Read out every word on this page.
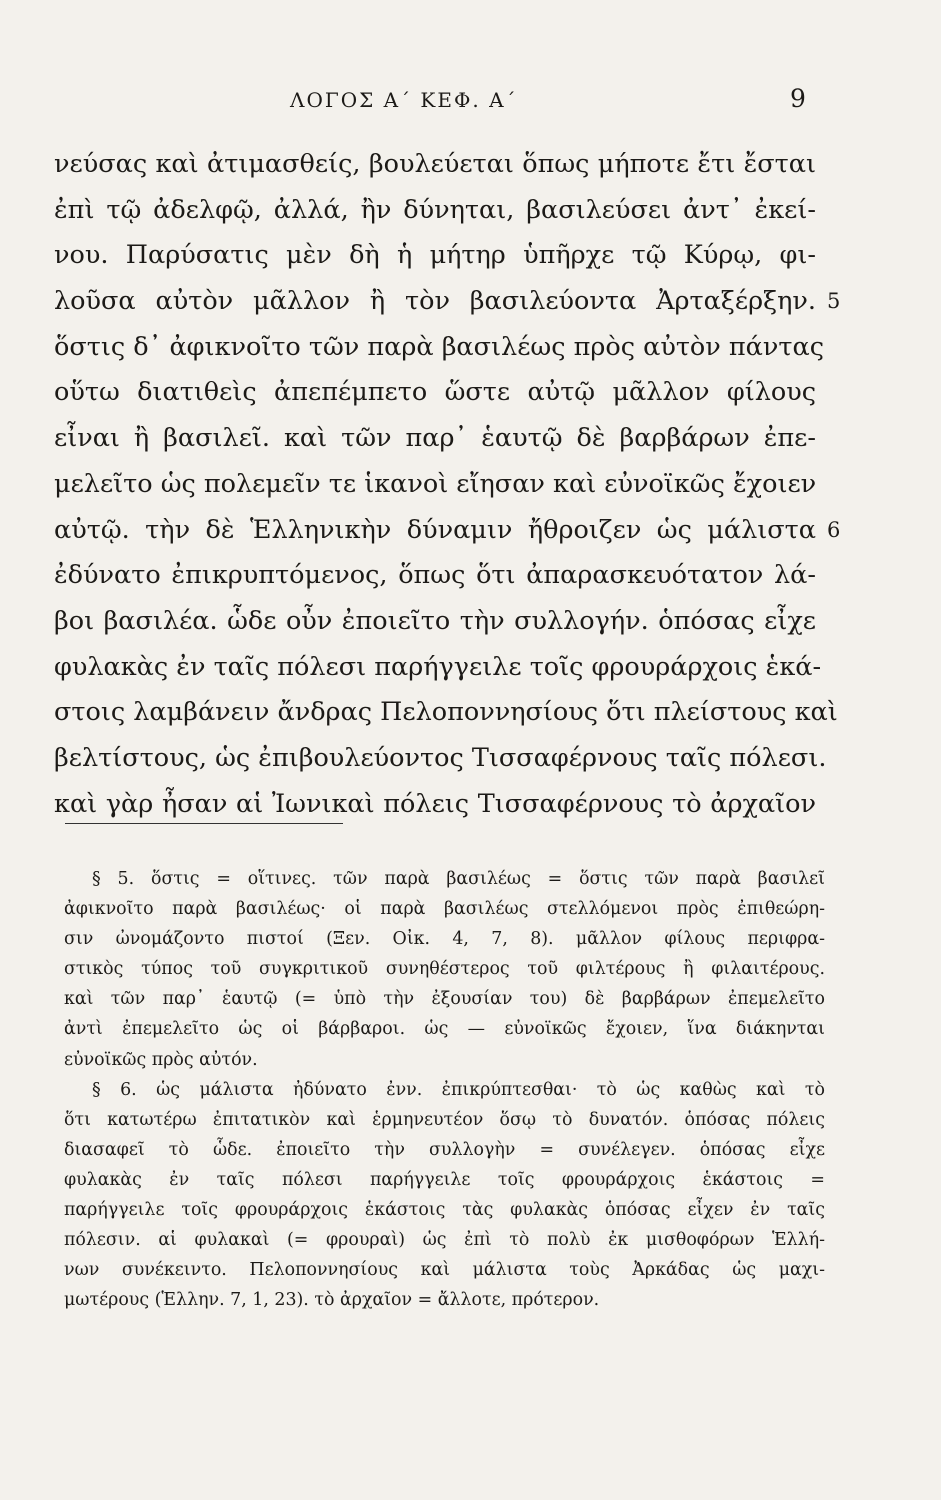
ΛΟΓΟΣ Α΄ ΚΕΦ. Α΄	9
νεύσας καὶ ἀτιμασθείς, βουλεύεται ὅπως μήποτε ἔτι ἔσται
ἐπὶ τῷ ἀδελφῷ, ἀλλά, ἢν δύνηται, βασιλεύσει ἀντ᾿ ἐκεί-
νου. Παρύσατις μὲν δὴ ἡ μήτηρ ὑπῆρχε τῷ Κύρῳ, φι-
λοῦσα αὐτὸν μᾶλλον ἢ τὸν βασιλεύοντα Ἀρταξέρξην. 5
ὅστις δ᾿ ἀφικνοῖτο τῶν παρὰ βασιλέως πρὸς αὐτὸν πάντας
οὕτω διατιθεὶς ἀπεπέμπετο ὥστε αὐτῷ μᾶλλον φίλους
εἶναι ἢ βασιλεῖ. καὶ τῶν παρ᾿ ἑαυτῷ δὲ βαρβάρων ἐπε-
μελεῖτο ὡς πολεμεῖν τε ἱκανοὶ εἴησαν καὶ εὐνοϊκῶς ἔχοιεν
αὐτῷ. τὴν δὲ Ἑλληνικὴν δύναμιν ἤθροιζεν ὡς μάλιστα 6
ἐδύνατο ἐπικρυπτόμενος, ὅπως ὅτι ἀπαρασκευότατον λά-
βοι βασιλέα. ὧδε οὖν ἐποιεῖτο τὴν συλλογήν. ὁπόσας εἶχε
φυλακὰς ἐν ταῖς πόλεσι παρήγγειλε τοῖς φρουράρχοις ἑκά-
στοις λαμβάνειν ἄνδρας Πελοποννησίους ὅτι πλείστους καὶ
βελτίστους, ὡς ἐπιβουλεύοντος Τισσαφέρνους ταῖς πόλεσι.
καὶ γὰρ ἦσαν αἱ Ἰωνικαὶ πόλεις Τισσαφέρνους τὸ ἀρχαῖον
§ 5. ὅστις = οἵτινες. τῶν παρὰ βασιλέως = ὅστις τῶν παρὰ βασιλεῖ
ἀφικνοῖτο παρὰ βασιλέως· οἱ παρὰ βασιλέως στελλόμενοι πρὸς ἐπιθεώρη-
σιν ὠνομάζοντο πιστοί (Ξεν. Οἰκ. 4, 7, 8). μᾶλλον φίλους περιφρα-
στικὸς τύπος τοῦ συγκριτικοῦ συνηθέστερος τοῦ φιλτέρους ἢ φιλαιτέρους.
καὶ τῶν παρ᾿ ἑαυτῷ (= ὑπὸ τὴν ἐξουσίαν του) δὲ βαρβάρων ἐπεμελεῖτο
ἀντὶ ἐπεμελεῖτο ὡς οἱ βάρβαροι. ὡς — εὐνοϊκῶς ἔχοιεν, ἵνα διάκηνται
εὐνοϊκῶς πρὸς αὐτόν.
§ 6. ὡς μάλιστα ἠδύνατο ἐνν. ἐπικρύπτεσθαι· τὸ ὡς καθὼς καὶ τὸ
ὅτι κατωτέρω ἐπιτατικὸν καὶ ἑρμηνευτέον ὅσῳ τὸ δυνατόν. ὁπόσας πόλεις
διασαφεῖ τὸ ὧδε. ἐποιεῖτο τὴν συλλογὴν = συνέλεγεν. ὁπόσας εἶχε
φυλακὰς ἐν ταῖς πόλεσι παρήγγειλε τοῖς φρουράρχοις ἑκάστοις =
παρήγγειλε τοῖς φρουράρχοις ἑκάστοις τὰς φυλακὰς ὁπόσας εἶχεν ἐν ταῖς
πόλεσιν. αἱ φυλακαὶ (= φρουραὶ) ὡς ἐπὶ τὸ πολὺ ἐκ μισθοφόρων Ἑλλή-
νων συνέκειντο. Πελοποννησίους καὶ μάλιστα τοὺς Ἀρκάδας ὡς μαχι-
μωτέρους (Ἑλλην. 7, 1, 23). τὸ ἀρχαῖον = ἄλλοτε, πρότερον.
